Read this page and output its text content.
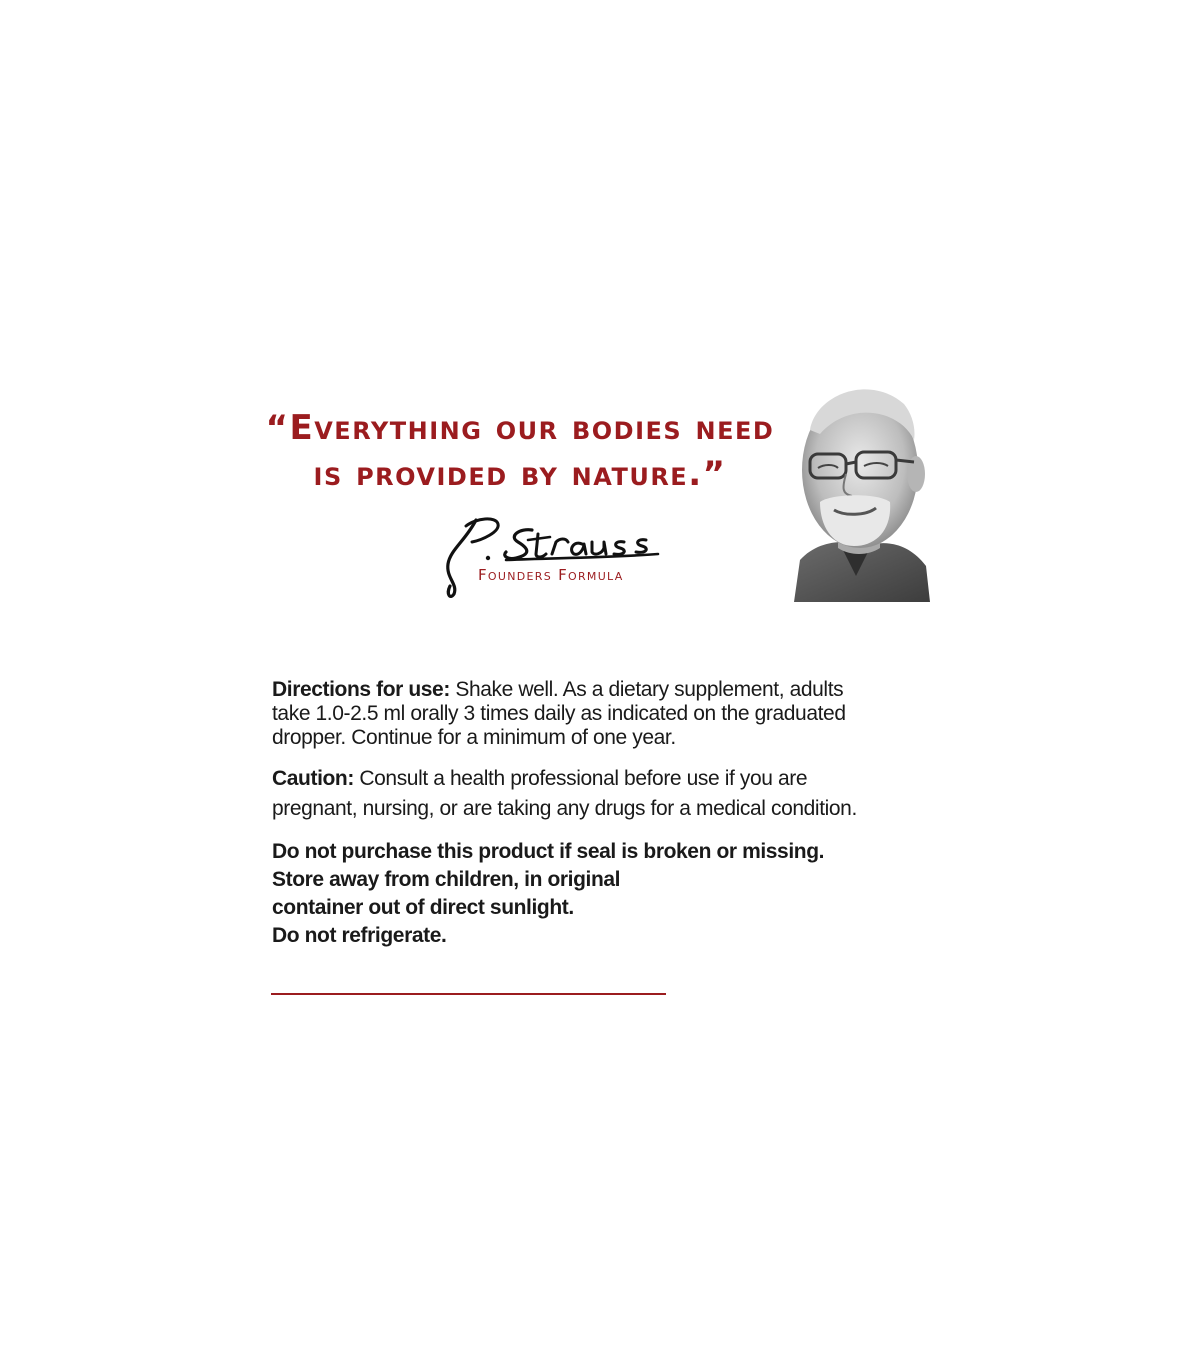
“Everything our bodies need
is provided by nature.”
Founders Formula

Directions for use: Shake well. As a dietary supplement, adults take 1.0-2.5 ml orally 3 times daily as indicated on the graduated dropper. Continue for a minimum of one year.

Caution: Consult a health professional before use if you are pregnant, nursing, or are taking any drugs for a medical condition.

Do not purchase this product if seal is broken or missing.
Store away from children, in original
container out of direct sunlight.
Do not refrigerate.
